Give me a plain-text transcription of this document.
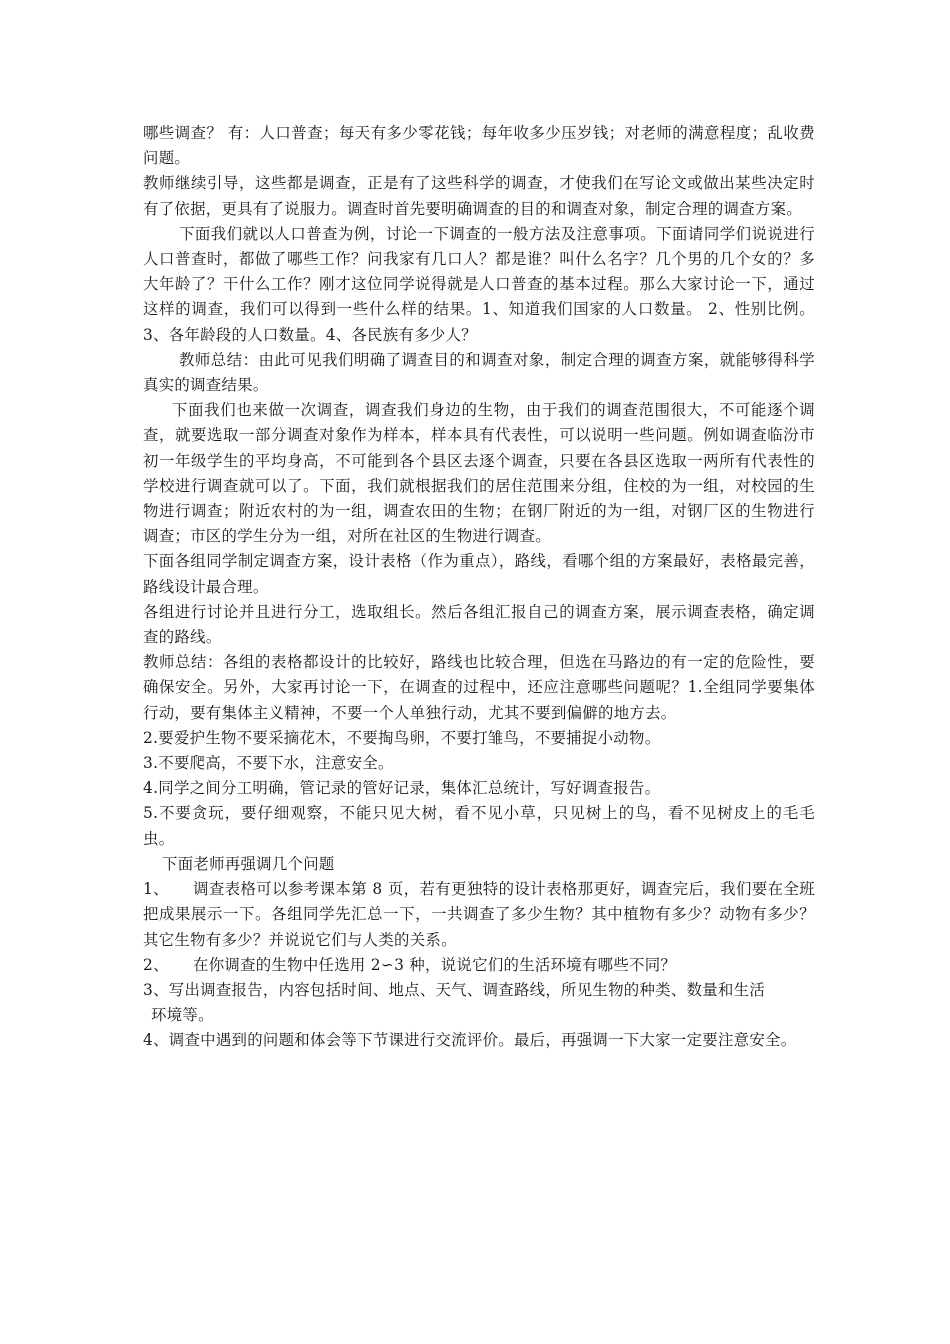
哪些调查？ 有：人口普查；每天有多少零花钱；每年收多少压岁钱；对老师的满意程度；乱收费问题。

教师继续引导，这些都是调查，正是有了这些科学的调查，才使我们在写论文或做出某些决定时有了依据，更具有了说服力。调查时首先要明确调查的目的和调查对象，制定合理的调查方案。

下面我们就以人口普查为例，讨论一下调查的一般方法及注意事项。下面请同学们说说进行人口普查时，都做了哪些工作？问我家有几口人？都是谁？叫什么名字？几个男的几个女的？多大年龄了？干什么工作？刚才这位同学说得就是人口普查的基本过程。那么大家讨论一下，通过这样的调查，我们可以得到一些什么样的结果。1、知道我们国家的人口数量。 2、性别比例。 3、各年龄段的人口数量。4、各民族有多少人？

教师总结：由此可见我们明确了调查目的和调查对象，制定合理的调查方案，就能够得科学真实的调查结果。

下面我们也来做一次调查，调查我们身边的生物，由于我们的调查范围很大，不可能逐个调查，就要选取一部分调查对象作为样本，样本具有代表性，可以说明一些问题。例如调查临汾市初一年级学生的平均身高，不可能到各个县区去逐个调查，只要在各县区选取一两所有代表性的学校进行调查就可以了。下面，我们就根据我们的居住范围来分组，住校的为一组，对校园的生物进行调查；附近农村的为一组，调查农田的生物；在钢厂附近的为一组，对钢厂区的生物进行调查；市区的学生分为一组，对所在社区的生物进行调查。

下面各组同学制定调查方案，设计表格（作为重点），路线，看哪个组的方案最好，表格最完善，路线设计最合理。

各组进行讨论并且进行分工，选取组长。然后各组汇报自己的调查方案，展示调查表格，确定调查的路线。

教师总结：各组的表格都设计的比较好，路线也比较合理，但选在马路边的有一定的危险性，要确保安全。另外，大家再讨论一下，在调查的过程中，还应注意哪些问题呢？1.全组同学要集体行动，要有集体主义精神，不要一个人单独行动，尤其不要到偏僻的地方去。

2.要爱护生物不要采摘花木，不要掏鸟卵，不要打雏鸟，不要捕捉小动物。

3.不要爬高，不要下水，注意安全。

4.同学之间分工明确，管记录的管好记录，集体汇总统计，写好调查报告。

5.不要贪玩，要仔细观察，不能只见大树，看不见小草，只见树上的鸟，看不见树皮上的毛毛虫。

下面老师再强调几个问题

1、	调查表格可以参考课本第 8 页，若有更独特的设计表格那更好，调查完后，我们要在全班把成果展示一下。各组同学先汇总一下，一共调查了多少生物？其中植物有多少？动物有多少？其它生物有多少？并说说它们与人类的关系。
2、	在你调查的生物中任选用 2∽3 种，说说它们的生活环境有哪些不同？

3、写出调查报告，内容包括时间、地点、天气、调查路线，所见生物的种类、数量和生活
环境等。

4、调查中遇到的问题和体会等下节课进行交流评价。最后，再强调一下大家一定要注意安全。
